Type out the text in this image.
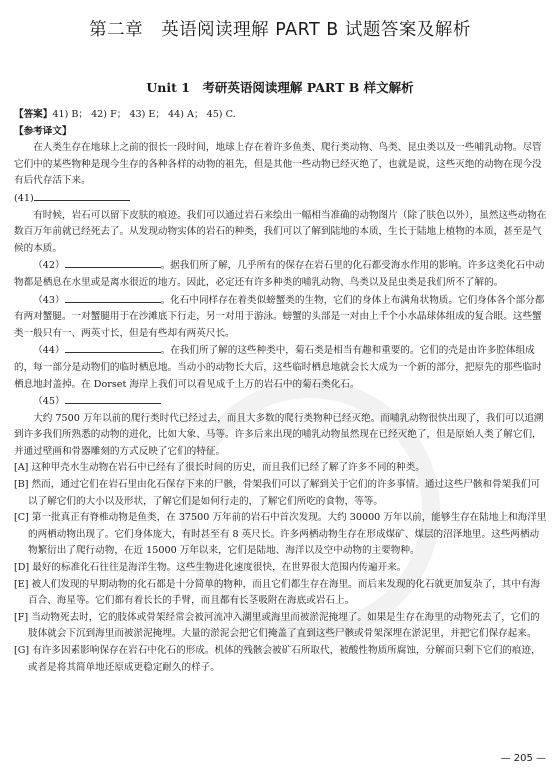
第二章　英语阅读理解 PART B 试题答案及解析
Unit 1　考研英语阅读理解 PART B 样文解析

【答案】41) B； 42) F； 43) E； 44) A； 45) C.

【参考译文】

在人类生存在地球上之前的很长一段时间，地球上存在着许多鱼类、爬行类动物、鸟类、昆虫类以及一些哺乳动物。尽管它们中的某些物种是现今生存的各种各样的动物的祖先，但是其他一些动物已经灭绝了，也就是说，这些灭绝的动物在现今没有后代存活下来。

(41)

有时候，岩石可以留下皮肤的痕迹。我们可以通过岩石来绘出一幅相当准确的动物图片（除了肤色以外），虽然这些动物在数百万年前就已经死去了。从发现动物实体的岩石的种类，我们可以了解到陆地的本质，生长于陆地上植物的本质，甚至是气候的本质。

（42）	。据我们所了解，几乎所有的保存在岩石里的化石都受海水作用的影响。许多这类化石中动物都是栖息在水里或是离水很近的地方。因此，必定还有许多种类的哺乳动物、鸟类以及昆虫类是我们所不了解的。

（43）	。化石中同样存在着类似螃蟹类的生物，它们的身体上布满角状物质。它们身体各个部分都有两对蟹腿。一对蟹腿用于在沙滩底下行走，另一对用于游泳。螃蟹的头部是一对由上千个小水晶球体组成的复合眼。这些蟹类一般只有一、两英寸长，但是有些却有两英尺长。

（44）	。在我们所了解的这些种类中，菊石类是相当有趣和重要的。它们的壳是由许多腔体组成的，每一部分是动物们的临时栖息地。当动小的动物长大后，这些临时栖息地就会长大成为一个新的部分，把原先的那些临时栖息地封盖掉。在 Dorset 海岸上我们可以看见成千上万的岩石中的菊石类化石。

（45）

大约 7500 万年以前的爬行类时代已经过去，而且大多数的爬行类物种已经灭绝。而哺乳动物很快出现了，我们可以追溯到许多我们所熟悉的动物的进化，比如大象、马等。许多后来出现的哺乳动物虽然现在已经灭绝了，但是原始人类了解它们，并通过壁画和骨器雕刻的方式反映了它们的特征。

[A] 这种甲壳水生动物在岩石中已经有了很长时间的历史，而且我们已经了解了许多不同的种类。

[B] 然而，通过它们在岩石里由化石保存下来的尸骸，骨架我们可以了解到关于它们的许多事情。通过这些尸骸和骨架我们可以了解它们的大小以及形状，了解它们是如何行走的，了解它们所吃的食物，等等。

[C] 第一批真正有脊椎动物是鱼类，在 37500 万年前的岩石中首次发现。大约 30000 万年以前，能够生存在陆地上和海洋里的两栖动物出现了。它们身体庞大，有时甚至有 8 英尺长。许多两栖动物生存在形成煤矿、煤层的沼泽地里。这些两栖动物繁衍出了爬行动物，在近 15000 万年以来，它们是陆地、海洋以及空中动物的主要物种。

[D] 最好的标准化石往往是海洋生物。这些生物进化速度很快，在世界很大范围内传遍开来。

[E] 被人们发现的早期动物的化石都是十分简单的物种，而且它们都生存在海里。而后来发现的化石就更加复杂了，其中有海百合、海星等。它们都有着长长的手臂，而且都有长茎吸附在海底或岩石上。

[F] 当动物死去时，它的肢体或骨架经常会被河流冲入湖里或海里而被淤泥掩埋了。如果是生存在海里的动物死去了，它们的肢体就会下沉到海里而被淤泥掩埋。大量的淤泥会把它们掩盖了直到这些尸骸或骨架深埋在淤泥里，并把它们保存起来。

[G] 有许多因素影响保存在岩石中化石的形成。机体的残骸会被矿石所取代，被酸性物质所腐蚀，分解而只剩下它们的痕迹，或者是将其简单地还原成更稳定耐久的样子。

— 205 —
